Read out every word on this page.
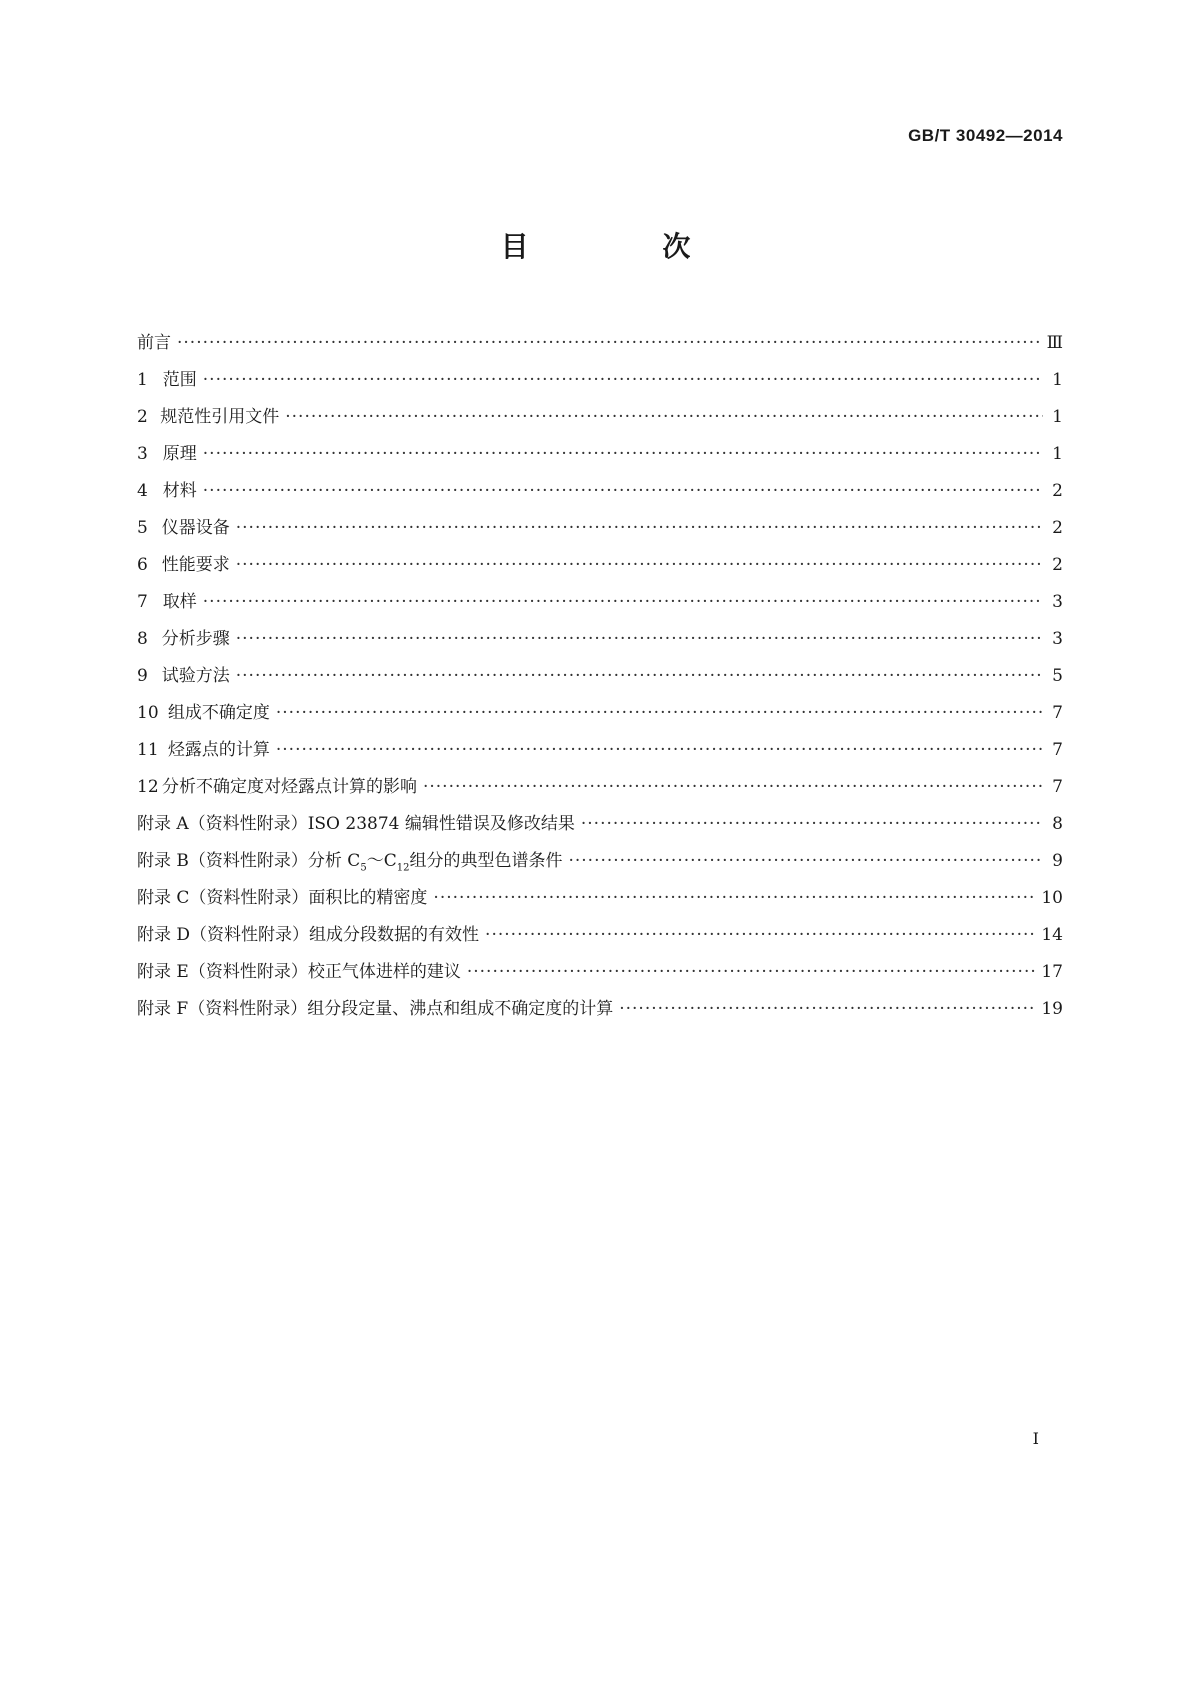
GB/T 30492—2014
目 次
前言 ·····	Ⅲ
1 范围 ·····	1
2 规范性引用文件 ·····	1
3 原理 ·····	1
4 材料 ·····	2
5 仪器设备 ·····	2
6 性能要求 ·····	2
7 取样 ·····	3
8 分析步骤 ·····	3
9 试验方法 ·····	5
10 组成不确定度 ·····	7
11 烃露点的计算 ·····	7
12 分析不确定度对烃露点计算的影响 ·····	7
附录 A（资料性附录） ISO 23874 编辑性错误及修改结果 ·····	8
附录 B（资料性附录） 分析 $C_5\sim C_{12}$组分的典型色谱条件 ·····	9
附录 C（资料性附录） 面积比的精密度 ·····	10
附录 D（资料性附录） 组成分段数据的有效性 ·····	14
附录 E（资料性附录） 校正气体进样的建议 ·····	17
附录 F（资料性附录） 组分段定量、沸点和组成不确定度的计算 ·····	19
I
